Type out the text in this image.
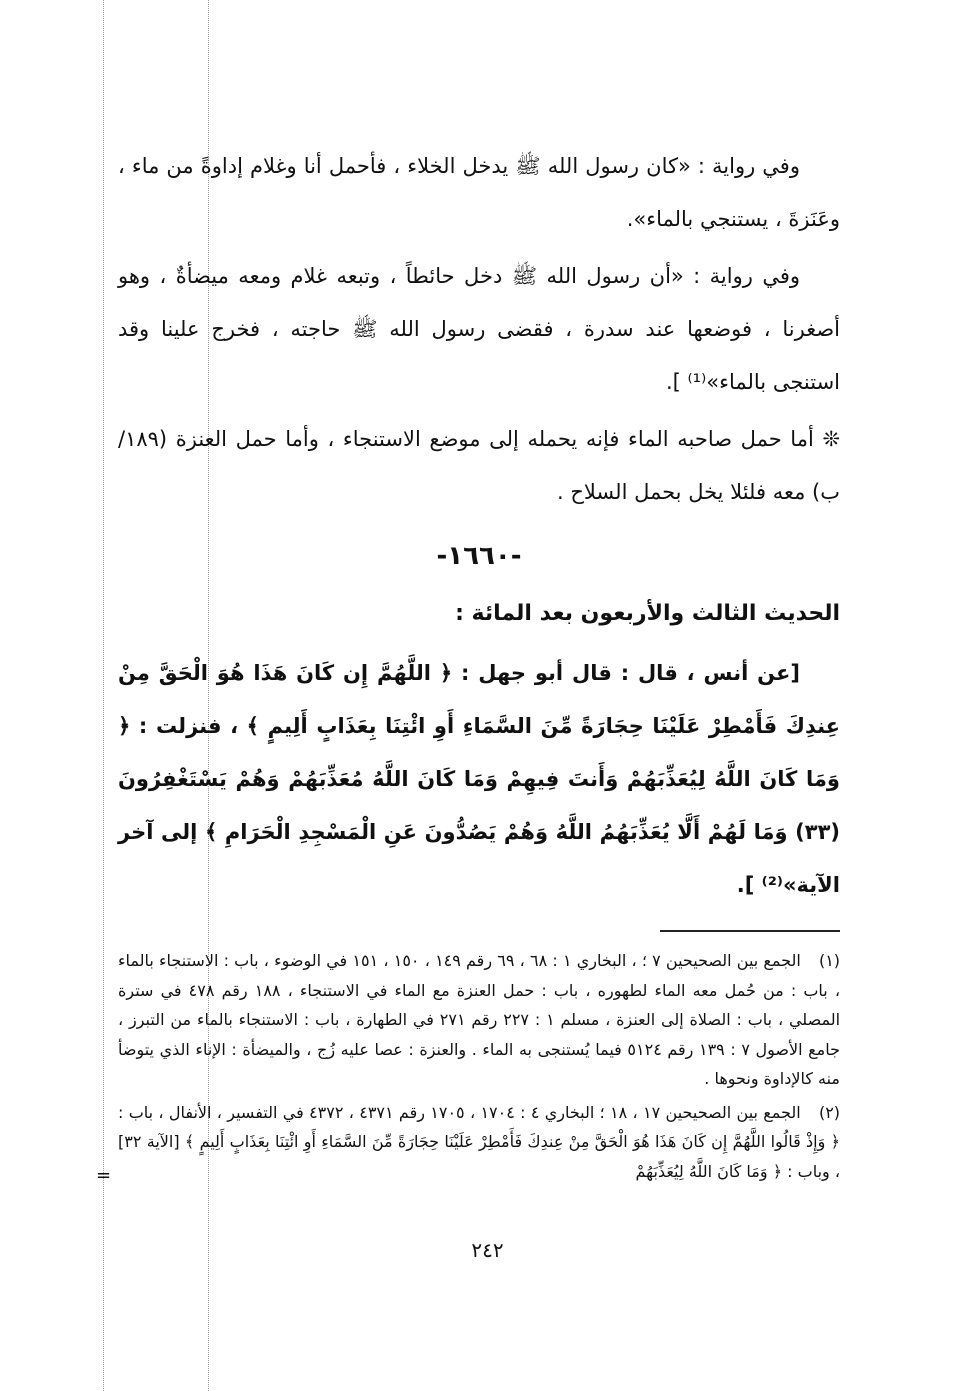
وفي رواية : «كان رسول الله ﷺ يدخل الخلاء ، فأحمل أنا وغلام إداوةً من ماء ، وعَنَزةَ ، يستنجي بالماء».

وفي رواية : «أن رسول الله ﷺ دخل حائطاً ، وتبعه غلام ومعه ميضأةٌ ، وهو أصغرنا ، فوضعها عند سدرة ، فقضى رسول الله ﷺ حاجته ، فخرج علينا وقد استنجى بالماء»⁽¹⁾ ].

❊ أما حمل صاحبه الماء فإنه يحمله إلى موضع الاستنجاء ، وأما حمل العنزة (١٨٩/ ب) معه فلئلا يخل بحمل السلاح .

-١٦٦٠-
الحديث الثالث والأربعون بعد المائة :

[عن أنس ، قال : قال أبو جهل : ﴿ اللَّهُمَّ إِن كَانَ هَذَا هُوَ الْحَقَّ مِنْ عِندِكَ فَأَمْطِرْ عَلَيْنَا حِجَارَةً مِّنَ السَّمَاءِ أَوِ ائْتِنَا بِعَذَابٍ أَلِيمٍ ﴾ ، فنزلت : ﴿ وَمَا كَانَ اللَّهُ لِيُعَذِّبَهُمْ وَأَنتَ فِيهِمْ وَمَا كَانَ اللَّهُ مُعَذِّبَهُمْ وَهُمْ يَسْتَغْفِرُونَ (٣٣) وَمَا لَهُمْ أَلَّا يُعَذِّبَهُمُ اللَّهُ وَهُمْ يَصُدُّونَ عَنِ الْمَسْجِدِ الْحَرَامِ ﴾ إلى آخر الآية»⁽²⁾ ].

(١) الجمع بين الصحيحين ٧ ؛ ، البخاري ١ : ٦٨ ، ٦٩ رقم ١٤٩ ، ١٥٠ ، ١٥١ في الوضوء ، باب : الاستنجاء بالماء ، باب : من حُمل معه الماء لطهوره ، باب : حمل العنزة مع الماء في الاستنجاء ، ١٨٨ رقم ٤٧٨ في سترة المصلي ، باب : الصلاة إلى العنزة ، مسلم ١ : ٢٢٧ رقم ٢٧١ في الطهارة ، باب : الاستنجاء بالماء من التبرز ، جامع الأصول ٧ : ١٣٩ رقم ٥١٢٤ فيما يُستنجى به الماء . والعنزة : عصا عليه زُج ، والميضأة : الإناء الذي يتوضأ منه كالإداوة ونحوها .
(٢) الجمع بين الصحيحين ١٧ ، ١٨ ؛ البخاري ٤ : ١٧٠٤ ، ١٧٠٥ رقم ٤٣٧١ ، ٤٣٧٢ في التفسير ، الأنفال ، باب : ﴿ وَإِذْ قَالُوا اللَّهُمَّ إِن كَانَ هَذَا هُوَ الْحَقَّ مِنْ عِندِكَ فَأَمْطِرْ عَلَيْنَا حِجَارَةً مِّنَ السَّمَاءِ أَوِ ائْتِنَا بِعَذَابٍ أَلِيمٍ ﴾ [الآية ٣٢] ، وباب : ﴿ وَمَا كَانَ اللَّهُ لِيُعَذِّبَهُمْ
=
٢٤٢
